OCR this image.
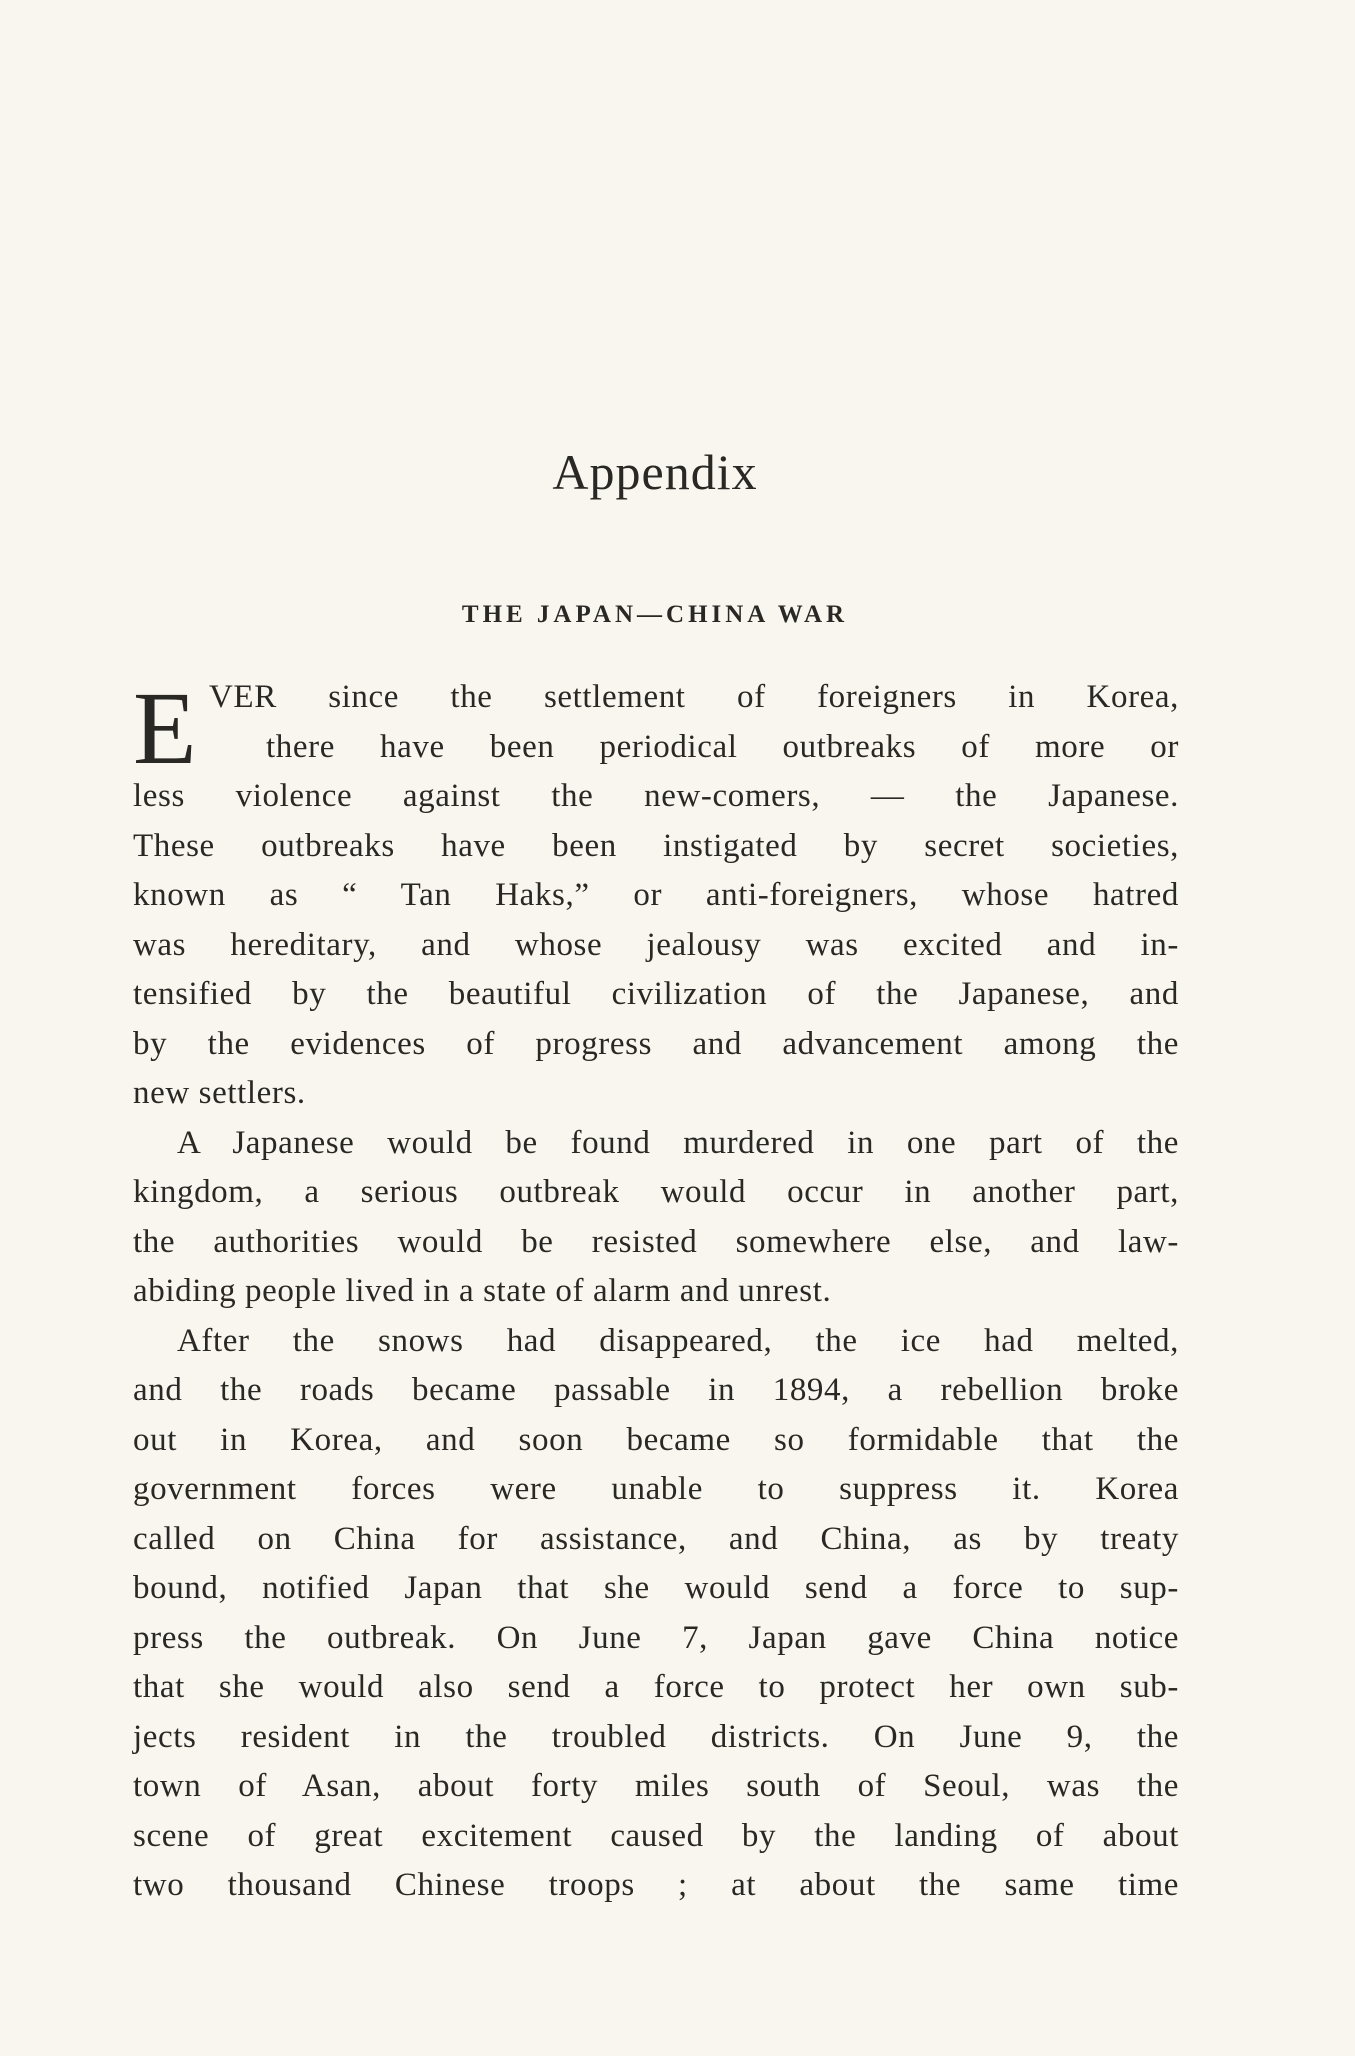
Appendix
THE JAPAN—CHINA WAR
E VER since the settlement of foreigners in Korea,
there have been periodical outbreaks of more or
less violence against the new-comers, — the Japanese.
These outbreaks have been instigated by secret societies,
known as “ Tan Haks,” or anti-foreigners, whose hatred
was hereditary, and whose jealousy was excited and in-
tensified by the beautiful civilization of the Japanese, and
by the evidences of progress and advancement among the
new settlers.
A Japanese would be found murdered in one part of the
kingdom, a serious outbreak would occur in another part,
the authorities would be resisted somewhere else, and law-
abiding people lived in a state of alarm and unrest.
After the snows had disappeared, the ice had melted,
and the roads became passable in 1894, a rebellion broke
out in Korea, and soon became so formidable that the
government forces were unable to suppress it. Korea
called on China for assistance, and China, as by treaty
bound, notified Japan that she would send a force to sup-
press the outbreak. On June 7, Japan gave China notice
that she would also send a force to protect her own sub-
jects resident in the troubled districts. On June 9, the
town of Asan, about forty miles south of Seoul, was the
scene of great excitement caused by the landing of about
two thousand Chinese troops ; at about the same time
